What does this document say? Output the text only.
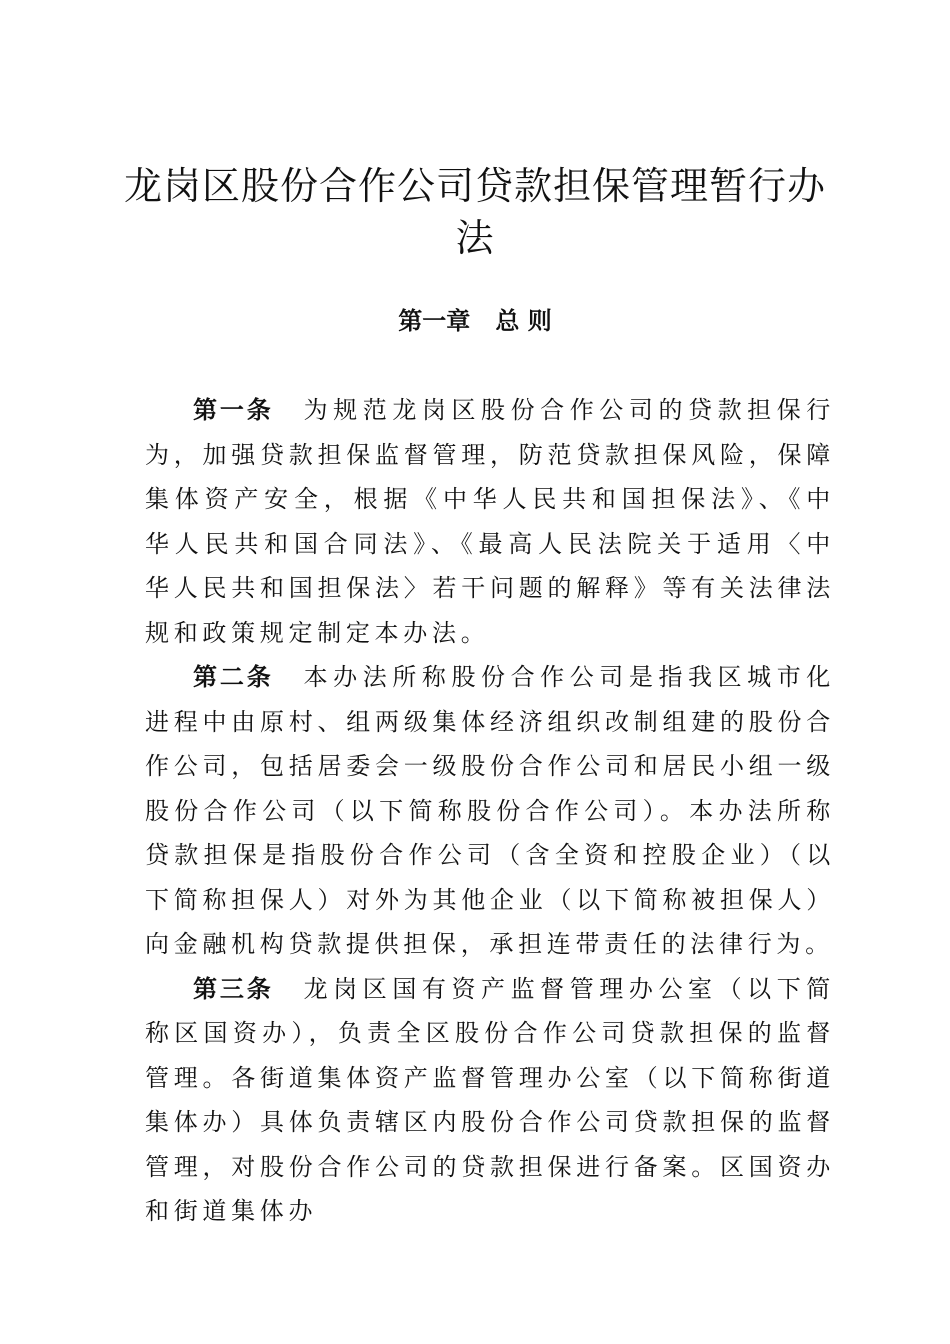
龙岗区股份合作公司贷款担保管理暂行办法
第一章   总 则

第一条 为规范龙岗区股份合作公司的贷款担保行为，加强贷款担保监督管理，防范贷款担保风险，保障集体资产安全，根据《中华人民共和国担保法》、《中华人民共和国合同法》、《最高人民法院关于适用〈中华人民共和国担保法〉若干问题的解释》等有关法律法规和政策规定制定本办法。

第二条 本办法所称股份合作公司是指我区城市化进程中由原村、组两级集体经济组织改制组建的股份合作公司，包括居委会一级股份合作公司和居民小组一级股份合作公司（以下简称股份合作公司）。本办法所称贷款担保是指股份合作公司（含全资和控股企业）（以下简称担保人）对外为其他企业（以下简称被担保人）向金融机构贷款提供担保，承担连带责任的法律行为。

第三条 龙岗区国有资产监督管理办公室（以下简称区国资办），负责全区股份合作公司贷款担保的监督管理。各街道集体资产监督管理办公室（以下简称街道集体办）具体负责辖区内股份合作公司贷款担保的监督管理，对股份合作公司的贷款担保进行备案。区国资办和街道集体办
